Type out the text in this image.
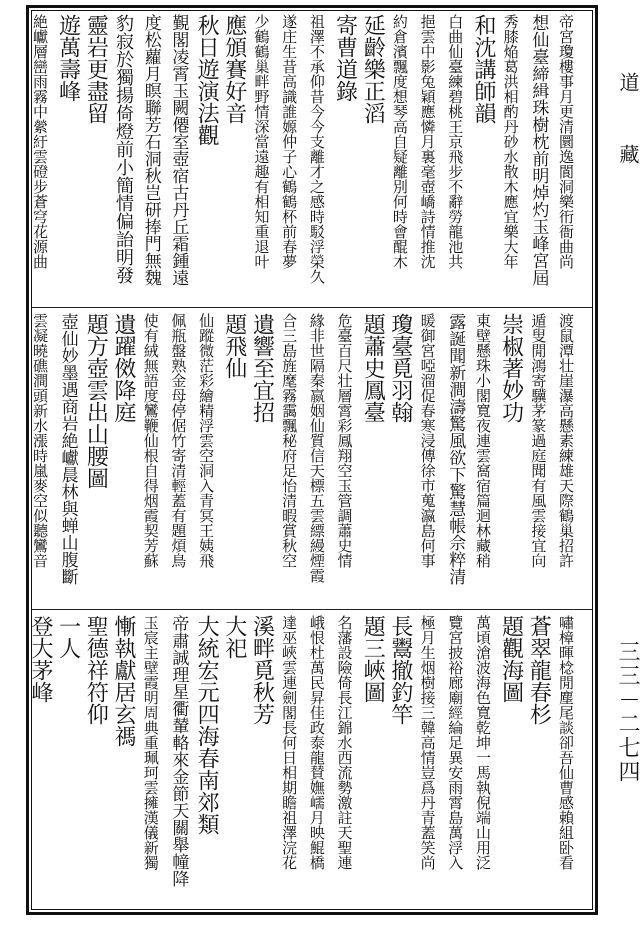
道　　藏
三三－二七四
帝宮瓊樓事月更清圜逸閬洞樂衎衙曲尚
想仙臺締緝珠樹枕前明焯灼玉峰宮屆
秀膝焔葛洪相酌丹砂水散木應宜樂大年
和沈講師韻
白曲仙臺練碧桃王京飛步不辭勞龍池共
挹雲中影兔穎應憐月裏毫壺嶠詩情推沈
約倉濱飄度想琴高自疑離別何時會醌木
延齡樂正滔
寄曹道錄
祖澤不承仰昔今今支離才之感時駁浮榮久
遂庄生昔高識誰嫄仲子心鶴鶴杯前春夢
少鶴鶴巢畔野情深當遠趣有相知重退叶
應頒賽好音
秋日遊演法觀
覲閣凌霄玉闕僊室壺宿古丹丘霜鍾遠
度松蘿月瞑聯芳石洞秋岂研捧門無魏
豹寂於獨揚倚燈前小簡情偏詒明發
靈岩更盡留
遊萬壽峰
絶巘層巒雨霧中縈紆雲磴步蒼穹花源曲
渡鼠潭壮崖瀑高懸素練雄天際鶴巢招許
遁叟閒鴻寄驥茅篆過庭聞有風雲接宜向
崇椒著妙功
東壁懸珠小閣寬夜連雲窩宿篇迴林藏稍
露誕聞新澗濤驚風欲下驚慧帳佘粹清
暖御宮啞溜促春寒浸傳徐市蒐瀛島何事
瓊臺覓羽翰
題蕭史鳳臺
危臺百尺壮層霄彩鳳翔空玉管調蕭史情
緣非世隔秦嬴姻仙質信天標五雲縹縵煙霞
合三島旌麾霧靄飄秘府足怡清暇賞秋空
遺響至宜招
題飛仙
仙蹤微茫彩繪精浮雲空洞入青冥王姨飛
佩瓶盤熟金母停倨竹寄清輕蓋有題煩鳥
使有絨無語度鸞鞭仙根自得烟霞契芳蘇
遺躍傚降庭
題方壺雲出山腰圖
壺仙妙墨遇商岩絶巘晨林與蝉山腹斷
雲凝曉礁澗頭新水漲時嵐麥空似聽鸞音
嘯樟暉棯閒塵尾談卻吾仙曹感賴組卧看
蒼翠龍春杉
題觀海圖
萬頃滄波海色寬乾坤一馬執倪端山用泛
覽宮披裕廊廟經綸足異安雨霄島萬浮入
極月生烟樹接三韓高情豈爲丹青蓋笑尚
長鬻撤釣竿
題三峽圖
名藩設險倚長江錦水西流勢激註天聖連
峨恨杜萬民昇佳政泰龍賛嫵嶿月映鯤橋
達巫峽雲連劍閣長何日相期瞻祖澤浣花
溪畔覓秋芳
大祀
大統宏元四海春南郊類
帝肅誠理星衢輦輅來金節天關舉幢降
玉宸主壁霞明周典重珮珂雲擁漢儀新獨
慚執獻居玄禡
聖德祥符仰
一人
登大茅峰
